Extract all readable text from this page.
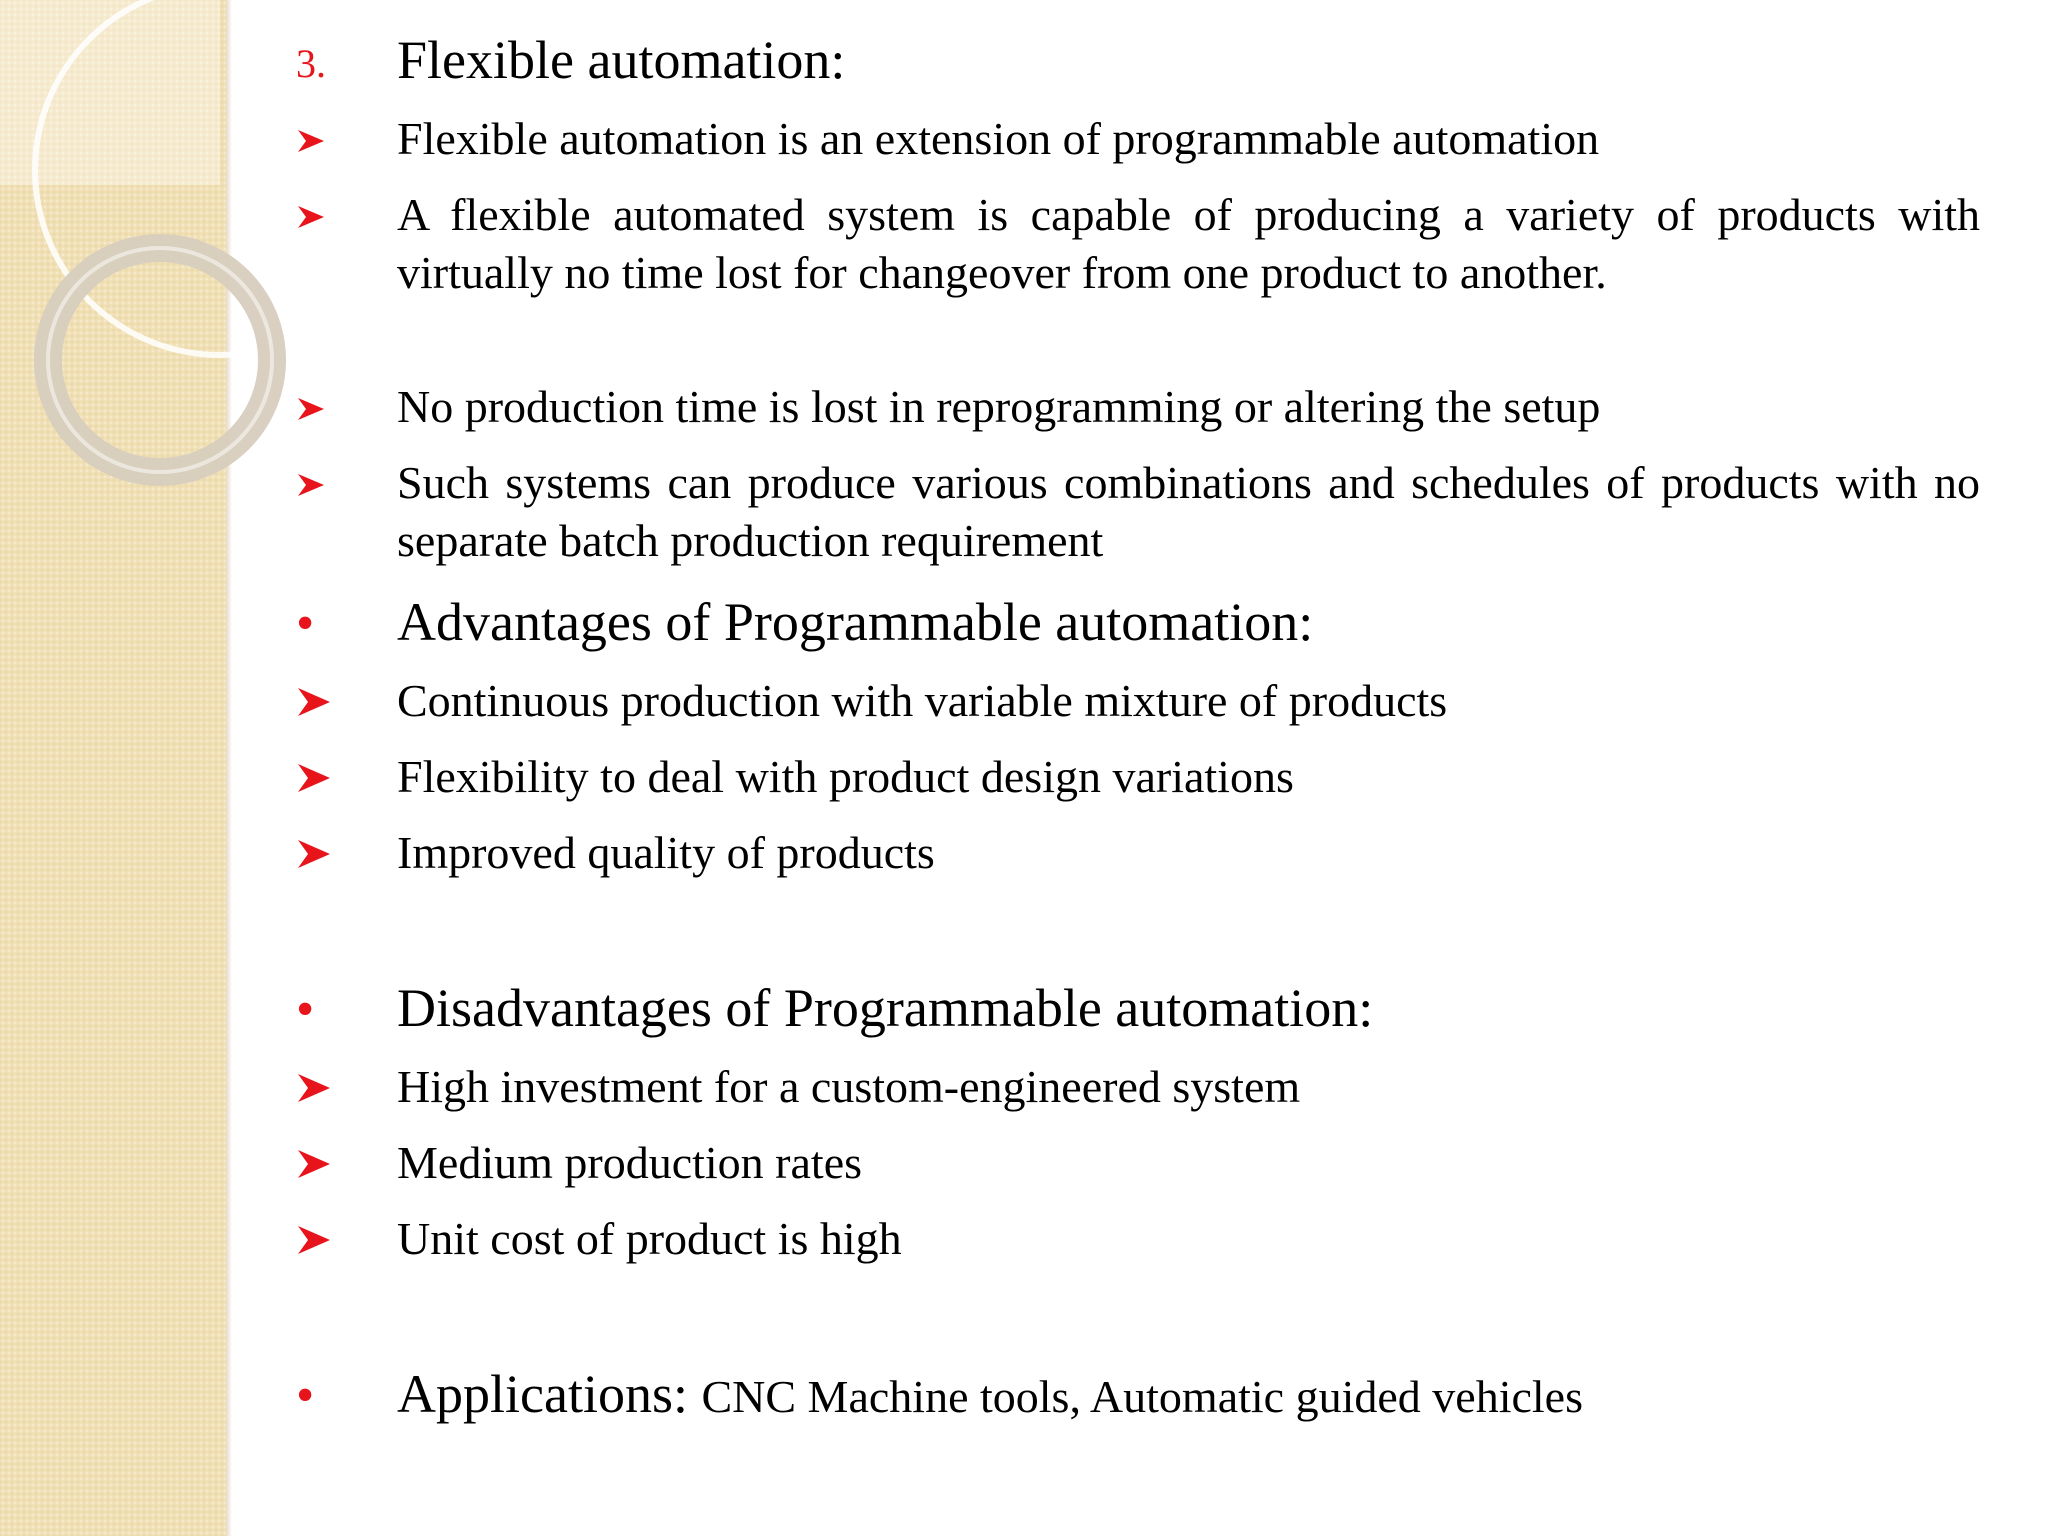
3. Flexible automation:
Flexible automation is an extension of programmable automation
A flexible automated system is capable of producing a variety of products with virtually no time lost for changeover from one product to another.
No production time is lost in reprogramming or altering the setup
Such systems can produce various combinations and schedules of products with no separate batch production requirement
• Advantages of Programmable automation:
Continuous production with variable mixture of products
Flexibility to deal with product design variations
Improved quality of products
• Disadvantages of Programmable automation:
High investment for a custom-engineered system
Medium production rates
Unit cost of product is high
• Applications: CNC Machine tools, Automatic guided vehicles
